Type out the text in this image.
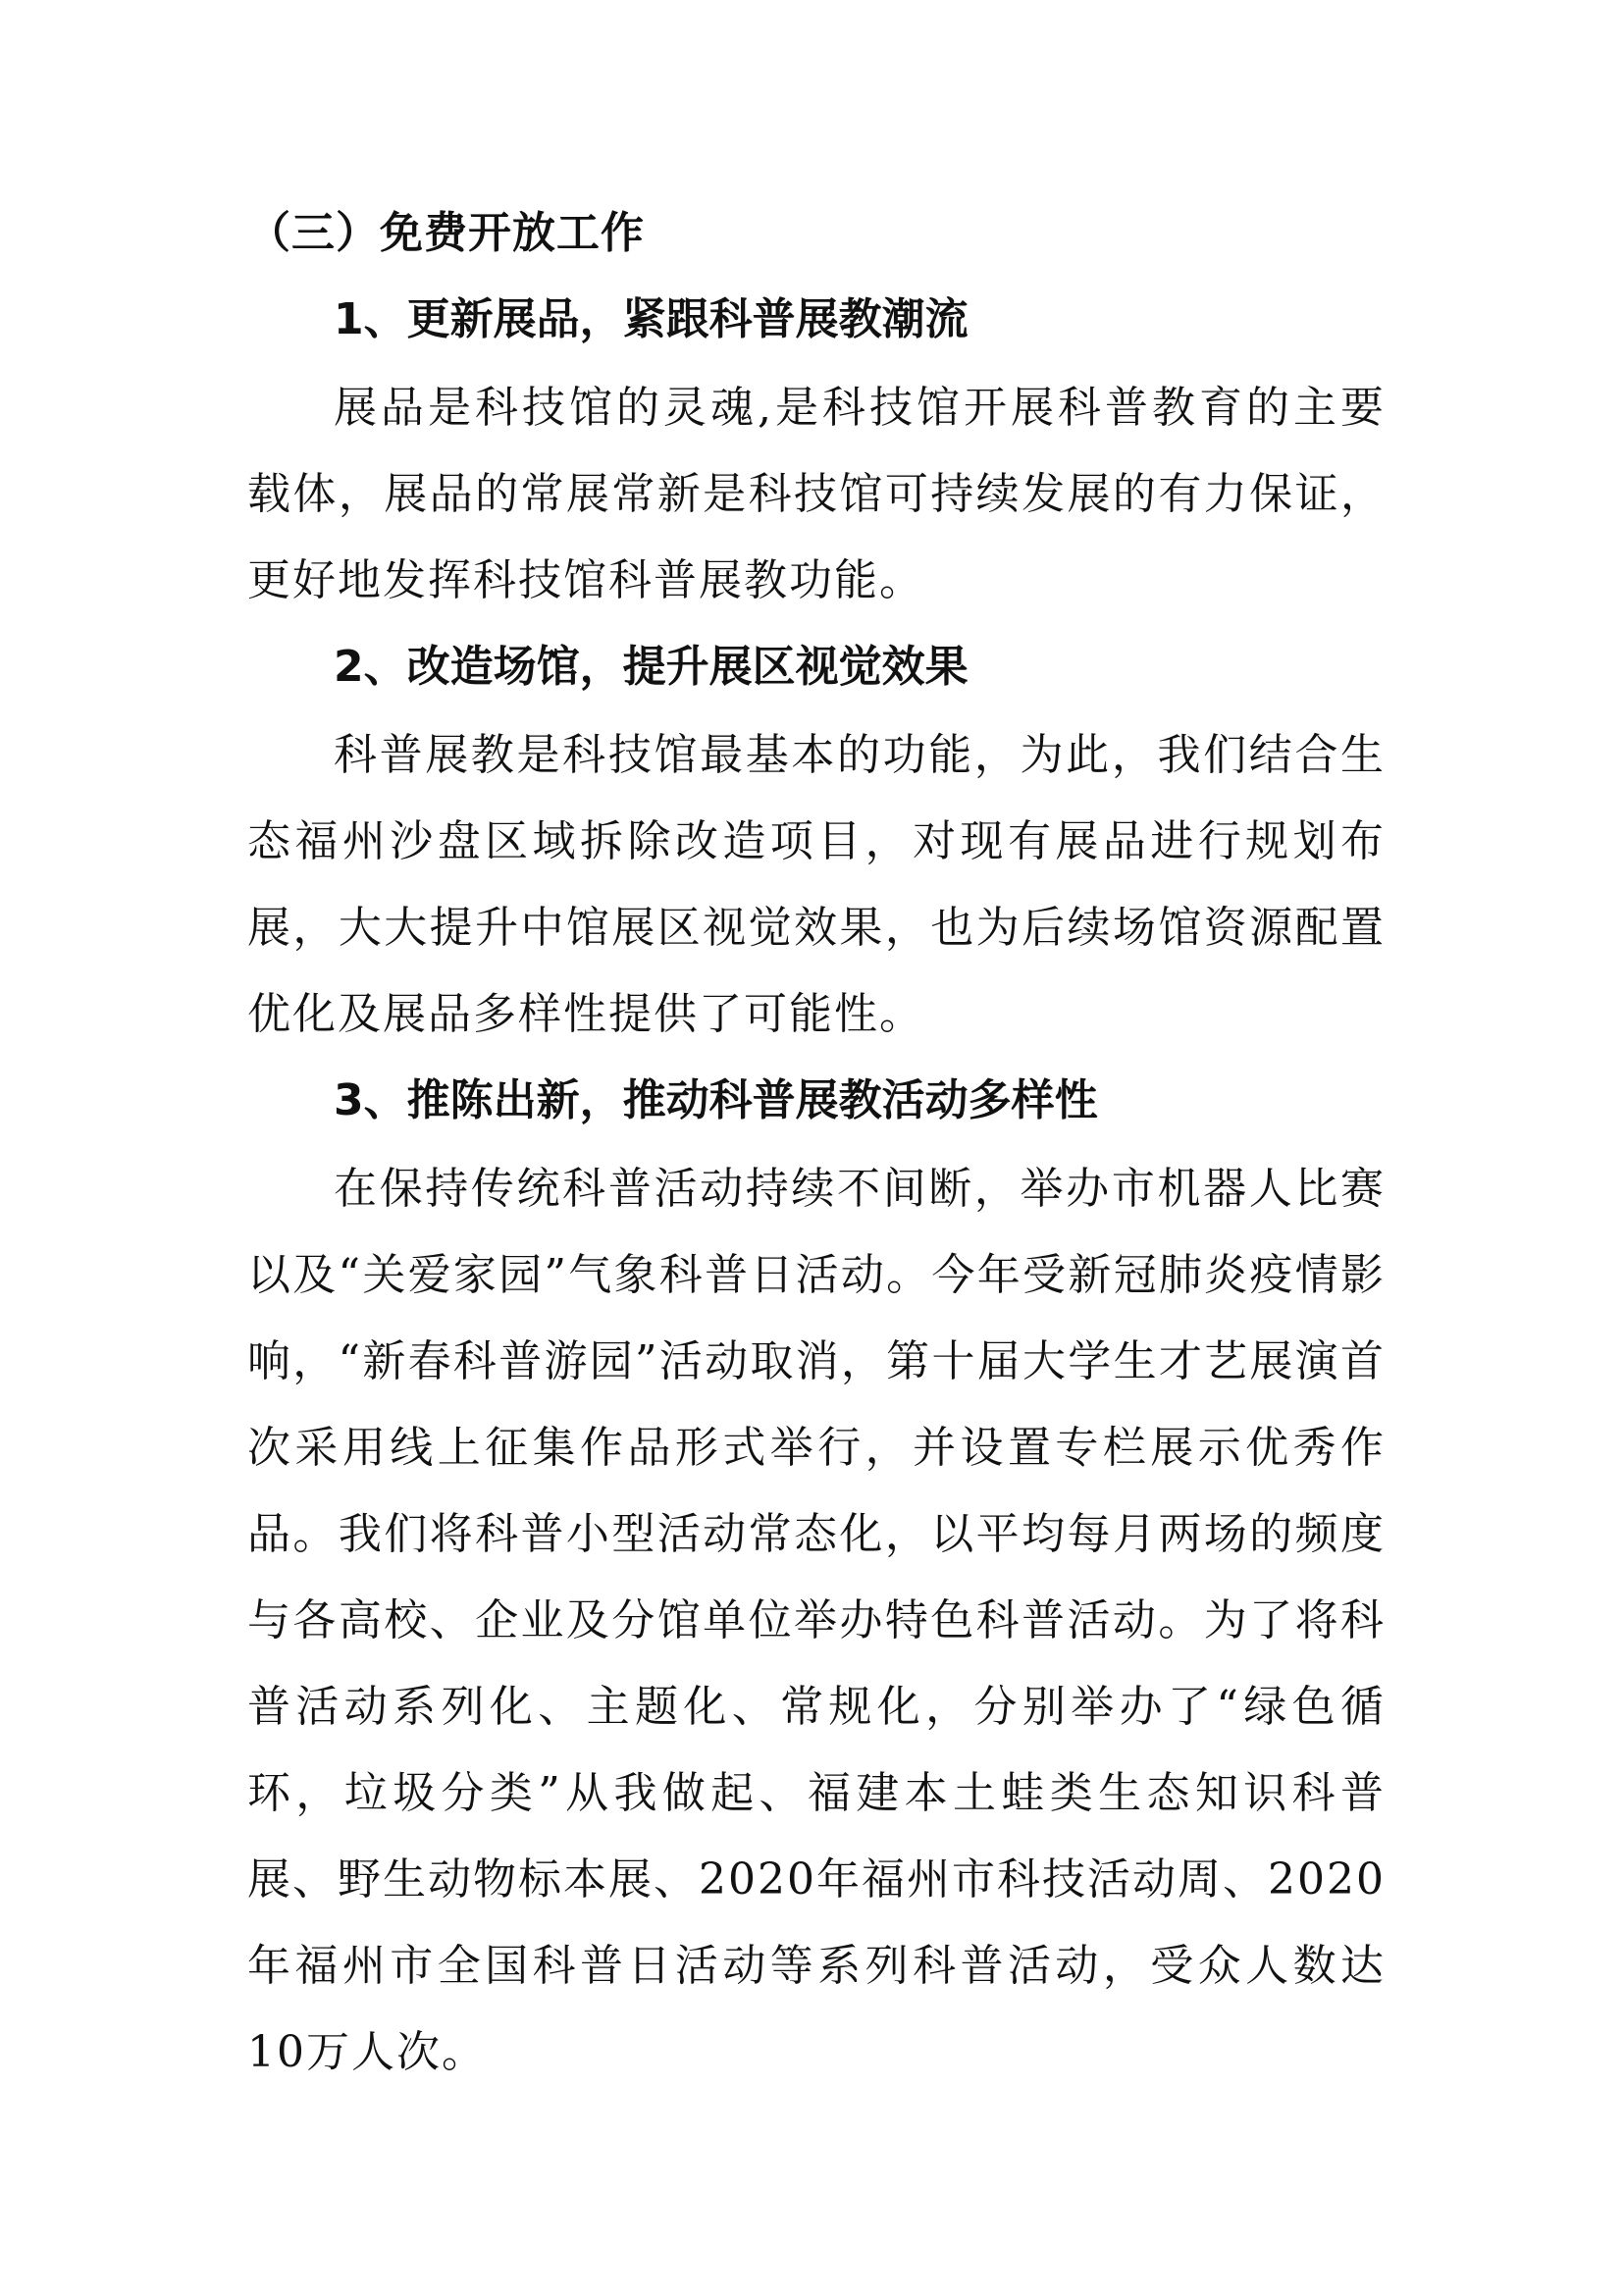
（三）免费开放工作
1、更新展品，紧跟科普展教潮流

展品是科技馆的灵魂,是科技馆开展科普教育的主要载体，展品的常展常新是科技馆可持续发展的有力保证，更好地发挥科技馆科普展教功能。

2、改造场馆，提升展区视觉效果

科普展教是科技馆最基本的功能，为此，我们结合生态福州沙盘区域拆除改造项目，对现有展品进行规划布展，大大提升中馆展区视觉效果，也为后续场馆资源配置优化及展品多样性提供了可能性。

3、推陈出新，推动科普展教活动多样性

在保持传统科普活动持续不间断，举办市机器人比赛以及“关爱家园”气象科普日活动。今年受新冠肺炎疫情影响，“新春科普游园”活动取消，第十届大学生才艺展演首次采用线上征集作品形式举行，并设置专栏展示优秀作品。我们将科普小型活动常态化，以平均每月两场的频度与各高校、企业及分馆单位举办特色科普活动。为了将科普活动系列化、主题化、常规化，分别举办了“绿色循环，垃圾分类”从我做起、福建本土蛙类生态知识科普展、野生动物标本展、2020年福州市科技活动周、2020年福州市全国科普日活动等系列科普活动，受众人数达10万人次。
